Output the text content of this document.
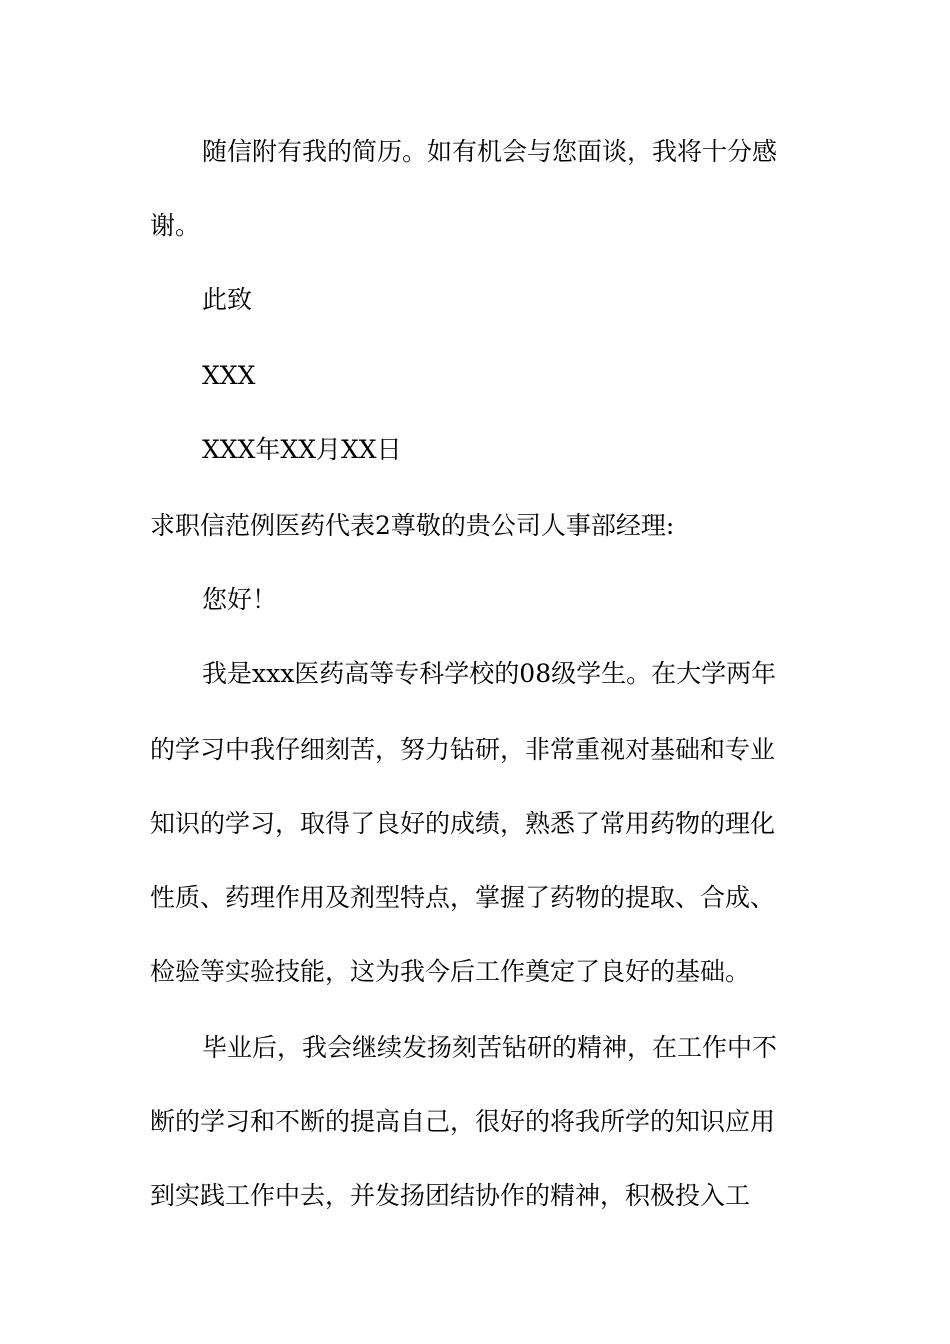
随信附有我的简历。如有机会与您面谈，我将十分感
谢。
此致
XXX
XXX年XX月XX日
求职信范例医药代表2尊敬的贵公司人事部经理:
您好！
我是xxx医药高等专科学校的08级学生。在大学两年
的学习中我仔细刻苦，努力钻研，非常重视对基础和专业
知识的学习，取得了良好的成绩，熟悉了常用药物的理化
性质、药理作用及剂型特点，掌握了药物的提取、合成、
检验等实验技能，这为我今后工作奠定了良好的基础。
毕业后，我会继续发扬刻苦钻研的精神，在工作中不
断的学习和不断的提高自己，很好的将我所学的知识应用
到实践工作中去，并发扬团结协作的精神，积极投入工
